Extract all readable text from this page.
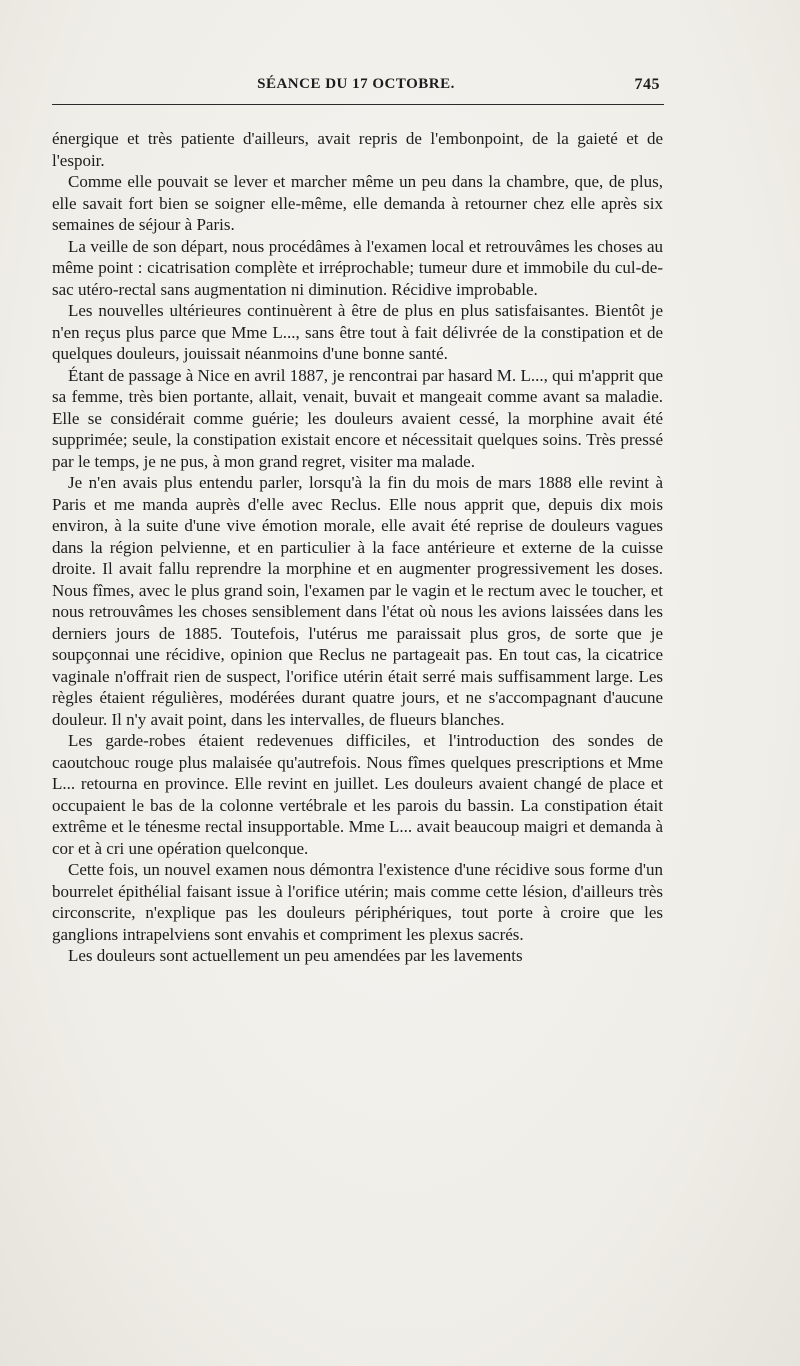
SÉANCE DU 17 OCTOBRE.	745

énergique et très patiente d'ailleurs, avait repris de l'embonpoint, de la gaieté et de l'espoir.

Comme elle pouvait se lever et marcher même un peu dans la chambre, que, de plus, elle savait fort bien se soigner elle-même, elle demanda à retourner chez elle après six semaines de séjour à Paris.

La veille de son départ, nous procédâmes à l'examen local et retrouvâmes les choses au même point : cicatrisation complète et irréprochable; tumeur dure et immobile du cul-de-sac utéro-rectal sans augmentation ni diminution. Récidive improbable.

Les nouvelles ultérieures continuèrent à être de plus en plus satisfaisantes. Bientôt je n'en reçus plus parce que Mme L..., sans être tout à fait délivrée de la constipation et de quelques douleurs, jouissait néanmoins d'une bonne santé.

Étant de passage à Nice en avril 1887, je rencontrai par hasard M. L..., qui m'apprit que sa femme, très bien portante, allait, venait, buvait et mangeait comme avant sa maladie. Elle se considérait comme guérie; les douleurs avaient cessé, la morphine avait été supprimée; seule, la constipation existait encore et nécessitait quelques soins. Très pressé par le temps, je ne pus, à mon grand regret, visiter ma malade.

Je n'en avais plus entendu parler, lorsqu'à la fin du mois de mars 1888 elle revint à Paris et me manda auprès d'elle avec Reclus. Elle nous apprit que, depuis dix mois environ, à la suite d'une vive émotion morale, elle avait été reprise de douleurs vagues dans la région pelvienne, et en particulier à la face antérieure et externe de la cuisse droite. Il avait fallu reprendre la morphine et en augmenter progressivement les doses. Nous fîmes, avec le plus grand soin, l'examen par le vagin et le rectum avec le toucher, et nous retrouvâmes les choses sensiblement dans l'état où nous les avions laissées dans les derniers jours de 1885. Toutefois, l'utérus me paraissait plus gros, de sorte que je soupçonnai une récidive, opinion que Reclus ne partageait pas. En tout cas, la cicatrice vaginale n'offrait rien de suspect, l'orifice utérin était serré mais suffisamment large. Les règles étaient régulières, modérées durant quatre jours, et ne s'accompagnant d'aucune douleur. Il n'y avait point, dans les intervalles, de flueurs blanches.

Les garde-robes étaient redevenues difficiles, et l'introduction des sondes de caoutchouc rouge plus malaisée qu'autrefois. Nous fîmes quelques prescriptions et Mme L... retourna en province. Elle revint en juillet. Les douleurs avaient changé de place et occupaient le bas de la colonne vertébrale et les parois du bassin. La constipation était extrême et le ténesme rectal insupportable. Mme L... avait beaucoup maigri et demanda à cor et à cri une opération quelconque.

Cette fois, un nouvel examen nous démontra l'existence d'une récidive sous forme d'un bourrelet épithélial faisant issue à l'orifice utérin; mais comme cette lésion, d'ailleurs très circonscrite, n'explique pas les douleurs périphériques, tout porte à croire que les ganglions intrapelviens sont envahis et compriment les plexus sacrés.

Les douleurs sont actuellement un peu amendées par les lavements
